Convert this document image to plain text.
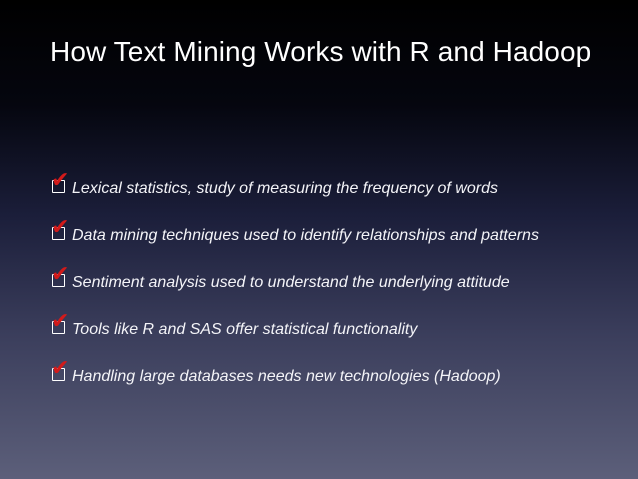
How Text Mining Works with R and Hadoop
✔ Lexical statistics, study of measuring the frequency of words
✔ Data mining techniques used to identify relationships and patterns
✔ Sentiment analysis used to understand the underlying attitude
✔ Tools like R and SAS offer statistical functionality
✔ Handling large databases needs new technologies (Hadoop)
